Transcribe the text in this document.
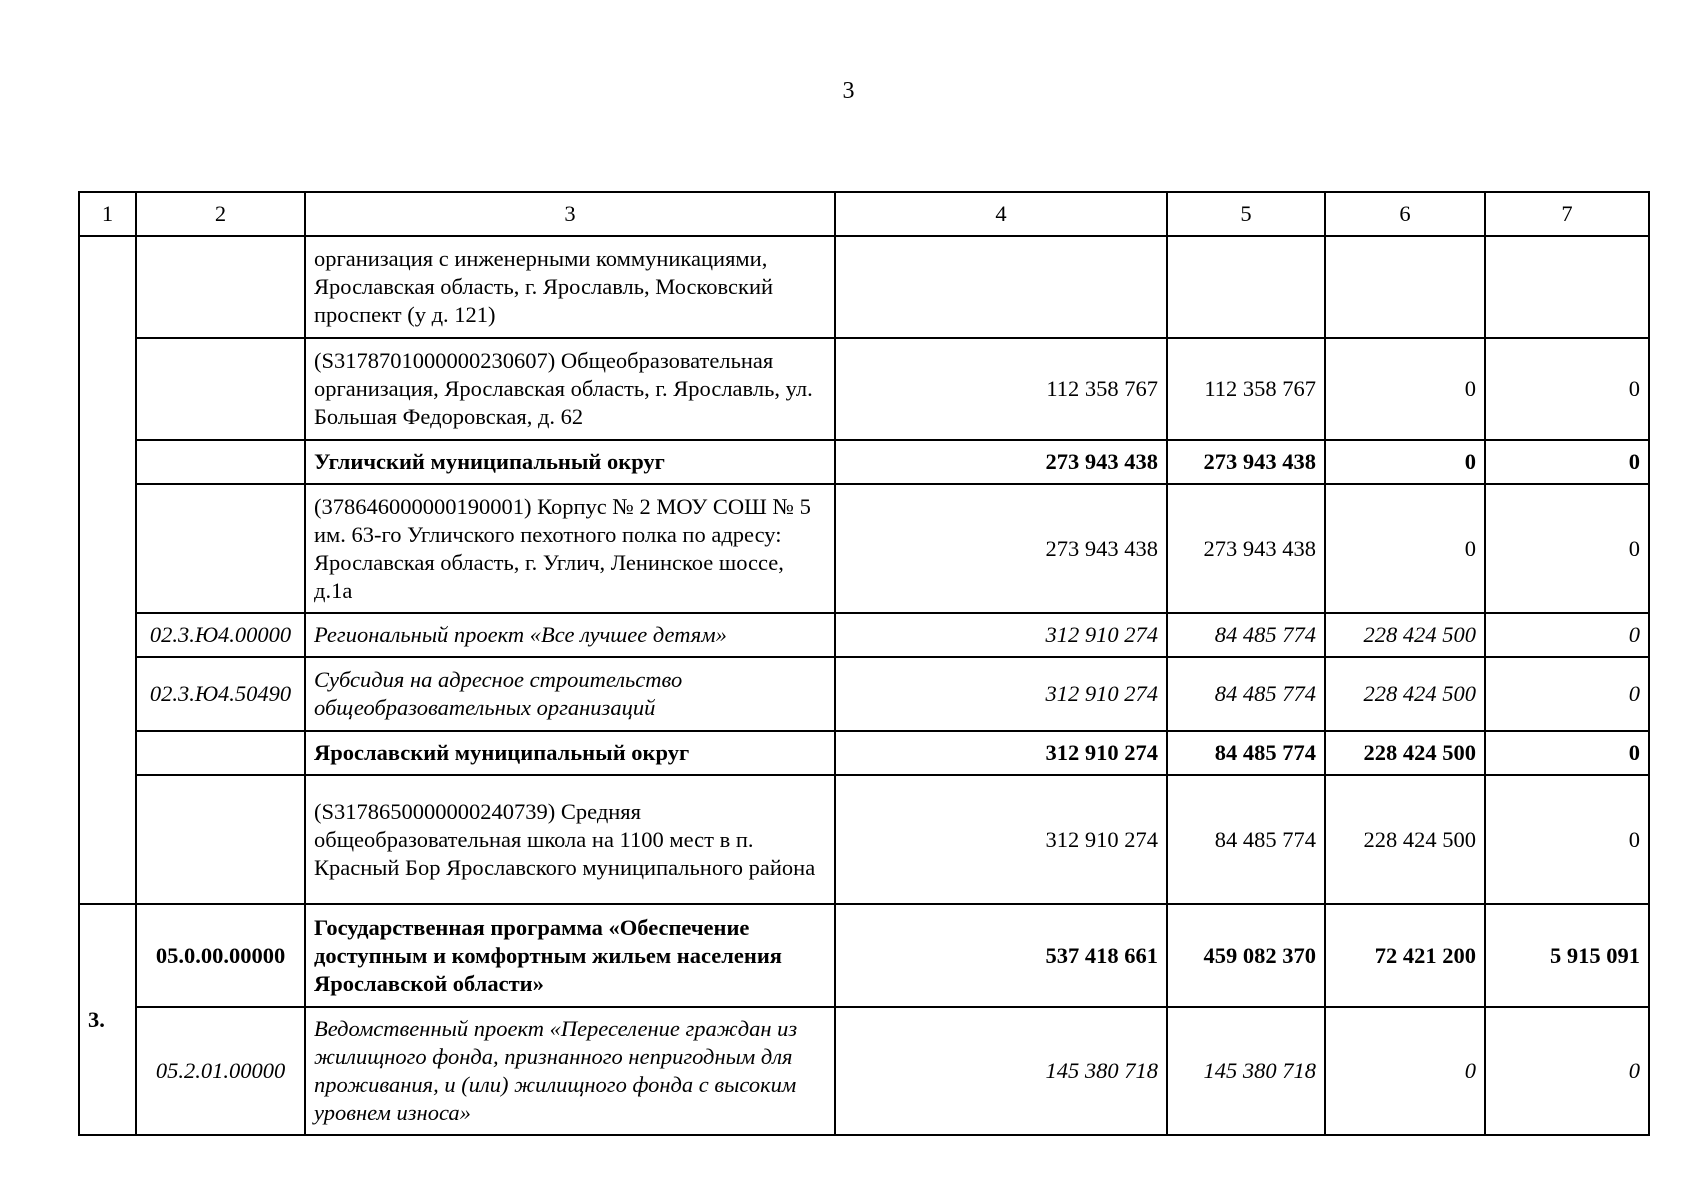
3
1	2	3	4	5	6	7
		организация с инженерными коммуникациями, Ярославская область, г. Ярославль, Московский проспект (у д. 121)				
		(S3178701000000230607) Общеобразовательная организация, Ярославская область, г. Ярославль, ул. Большая Федоровская, д. 62	112 358 767	112 358 767	0	0
		Угличский муниципальный округ	273 943 438	273 943 438	0	0
		(378646000000190001) Корпус № 2 МОУ СОШ № 5 им. 63-го Угличского пехотного полка по адресу: Ярославская область, г. Углич, Ленинское шоссе, д.1а	273 943 438	273 943 438	0	0
	02.3.Ю4.00000	Региональный проект «Все лучшее детям»	312 910 274	84 485 774	228 424 500	0
	02.3.Ю4.50490	Субсидия на адресное строительство общеобразовательных организаций	312 910 274	84 485 774	228 424 500	0
		Ярославский муниципальный округ	312 910 274	84 485 774	228 424 500	0
		(S3178650000000240739) Средняя общеобразовательная школа на 1100 мест в п. Красный Бор Ярославского муниципального района	312 910 274	84 485 774	228 424 500	0
3.	05.0.00.00000	Государственная программа «Обеспечение доступным и комфортным жильем населения Ярославской области»	537 418 661	459 082 370	72 421 200	5 915 091
	05.2.01.00000	Ведомственный проект «Переселение граждан из жилищного фонда, признанного непригодным для проживания, и (или) жилищного фонда с высоким уровнем износа»	145 380 718	145 380 718	0	0
